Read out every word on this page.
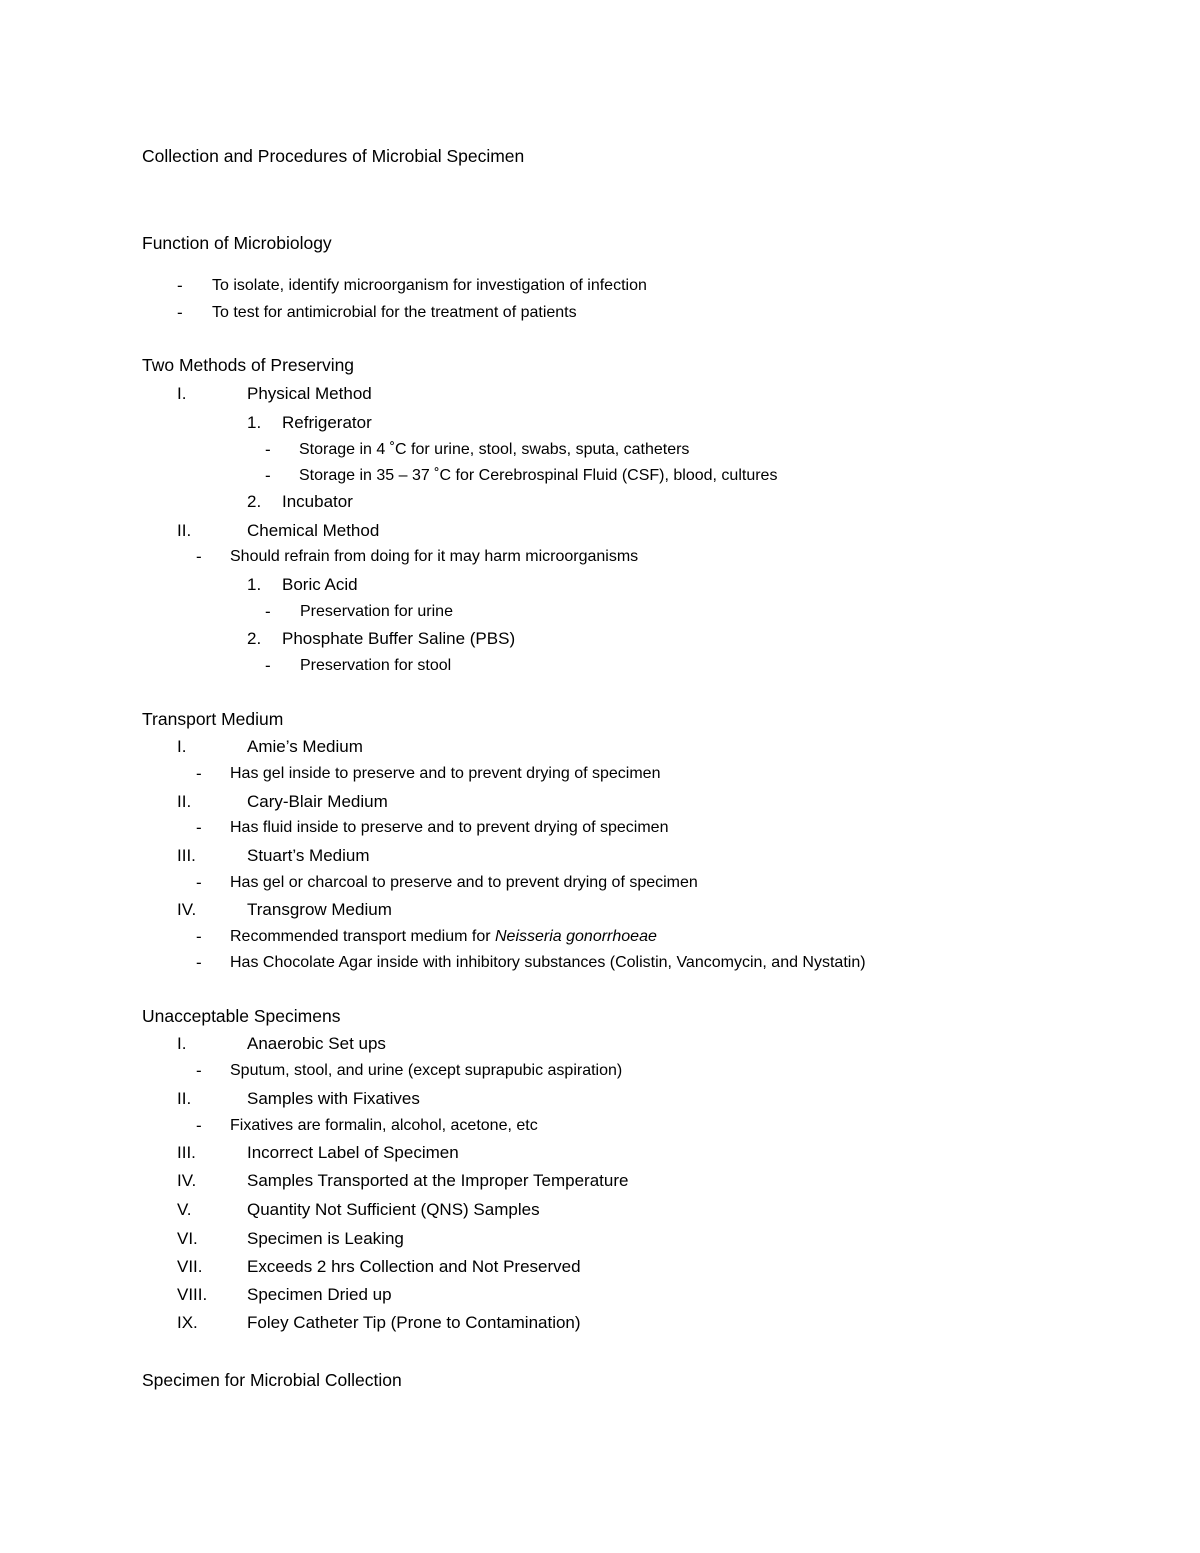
Collection and Procedures of Microbial Specimen
Function of Microbiology
- To isolate, identify microorganism for investigation of infection
- To test for antimicrobial for the treatment of patients
Two Methods of Preserving
I.	Physical Method
1. Refrigerator
- Storage in 4 ˚C for urine, stool, swabs, sputa, catheters
- Storage in 35 – 37 ˚C for Cerebrospinal Fluid (CSF), blood, cultures
2. Incubator
II.	Chemical Method
- Should refrain from doing for it may harm microorganisms
1. Boric Acid
- Preservation for urine
2. Phosphate Buffer Saline (PBS)
- Preservation for stool
Transport Medium
I.	Amie’s Medium
- Has gel inside to preserve and to prevent drying of specimen
II.	Cary-Blair Medium
- Has fluid inside to preserve and to prevent drying of specimen
III.	Stuart’s Medium
- Has gel or charcoal to preserve and to prevent drying of specimen
IV.	Transgrow Medium
- Recommended transport medium for Neisseria gonorrhoeae
- Has Chocolate Agar inside with inhibitory substances (Colistin, Vancomycin, and Nystatin)
Unacceptable Specimens
I.	Anaerobic Set ups
- Sputum, stool, and urine (except suprapubic aspiration)
II.	Samples with Fixatives
- Fixatives are formalin, alcohol, acetone, etc
III.	Incorrect Label of Specimen
IV.	Samples Transported at the Improper Temperature
V.	Quantity Not Sufficient (QNS) Samples
VI.	Specimen is Leaking
VII.	Exceeds 2 hrs Collection and Not Preserved
VIII. Specimen Dried up
IX.	Foley Catheter Tip (Prone to Contamination)
Specimen for Microbial Collection
